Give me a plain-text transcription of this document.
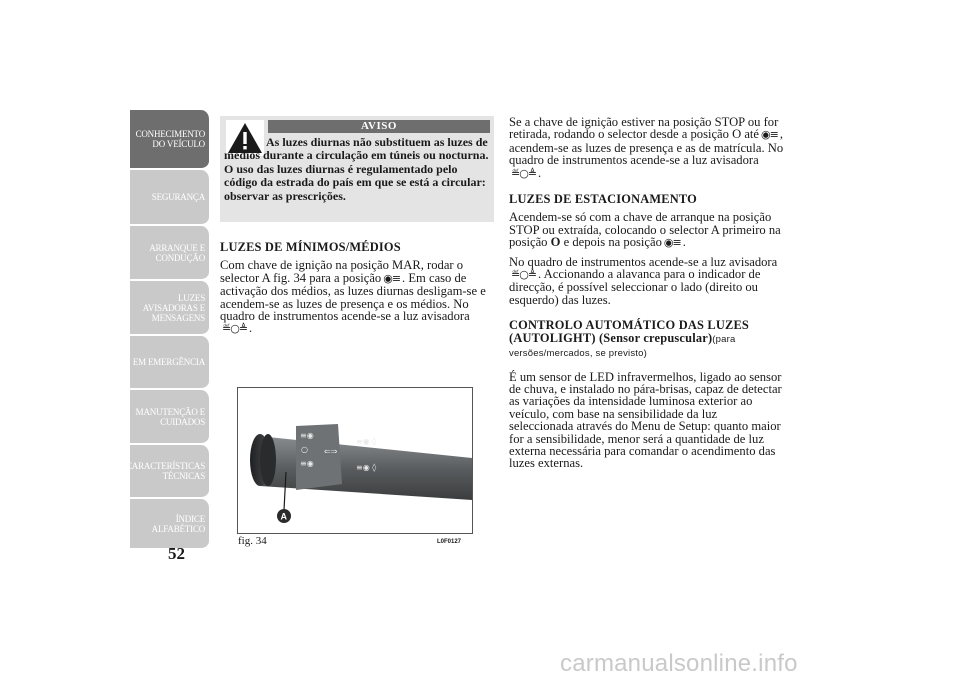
CONHECIMENTO
DO VEÍCULO
SEGURANÇA
ARRANQUE E
CONDUÇÃO
LUZES
AVISADORAS E
MENSAGENS
EM EMERGÊNCIA
MANUTENÇÃO E
CUIDADOS
CARACTERÍSTICAS
TÉCNICAS
ÍNDICE
ALFABÉTICO
52
AVISO
As luzes diurnas não substituem as luzes de médios durante a circulação em túneis ou nocturna. O uso das luzes diurnas é regulamentado pelo código da estrada do país em que se está a circular: observar as prescrições.

LUZES DE MÍNIMOS/MÉDIOS

Com chave de ignição na posição MAR, rodar o selector A fig. 34 para a posição ◉≡ . Em caso de activação dos médios, as luzes diurnas desligam-se e acendem-se as luzes de presença e os médios. No quadro de instrumentos acende-se a luz avisadora≝○≜ .

≡◉
○
≡◉
⇐⇒
≡◉ ◊
≡◉ ◊
A
fig. 34	L0F0127

Se a chave de ignição estiver na posição STOP ou for retirada, rodando o selector desde a posição O até ◉≡ , acendem-se as luzes de presença e as de matrícula. No quadro de instrumentos acende-se a luz avisadora≝○≜ .

LUZES DE ESTACIONAMENTO

Acendem-se só com a chave de arranque na posição STOP ou extraída, colocando o selector A primeiro na posição O e depois na posição ◉≡ .

No quadro de instrumentos acende-se a luz avisadora≝○≜ . Accionando a alavanca para o indicador de direcção, é possível seleccionar o lado (direito ou esquerdo) das luzes.

CONTROLO AUTOMÁTICO DAS LUZES (AUTOLIGHT) (Sensor crepuscular)(para versões/mercados, se previsto)

É um sensor de LED infravermelhos, ligado ao sensor de chuva, e instalado no pára-brisas, capaz de detectar as variações da intensidade luminosa exterior ao veículo, com base na sensibilidade da luz seleccionada através do Menu de Setup: quanto maior for a sensibilidade, menor será a quantidade de luz externa necessária para comandar o acendimento das luzes externas.

carmanualsonline.info
